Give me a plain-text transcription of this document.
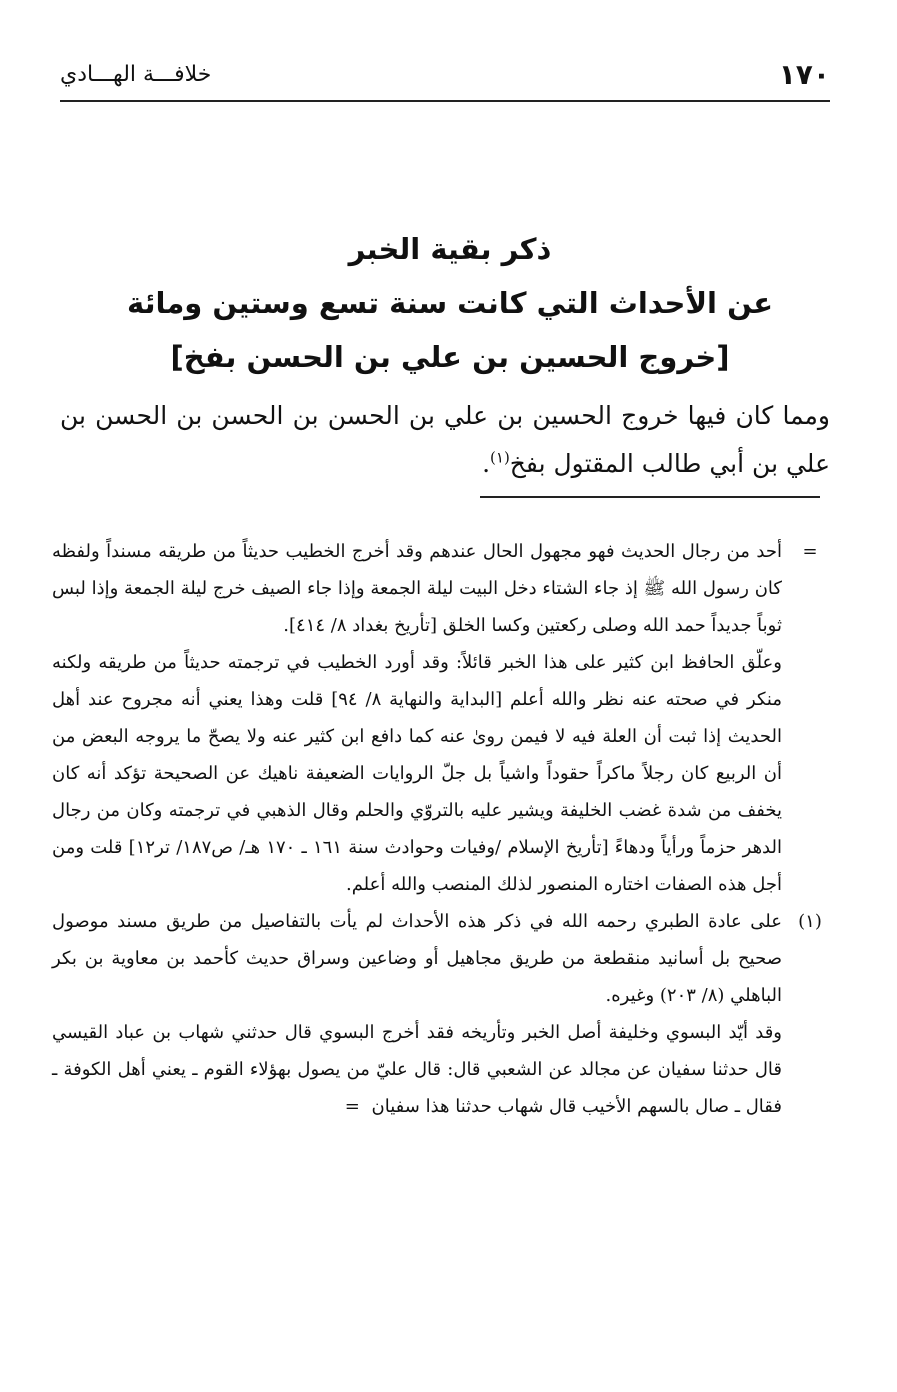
١٧٠
خلافـــة الهـــادي
ذكر بقية الخبر
عن الأحداث التي كانت سنة تسع وستين ومائة
[خروج الحسين بن علي بن الحسن بفخ]
ومما كان فيها خروج الحسين بن علي بن الحسن بن الحسن بن الحسن بن علي بن أبي طالب المقتول بفخ$^{(١)}$.
=
أحد من رجال الحديث فهو مجهول الحال عندهم وقد أخرج الخطيب حديثاً من طريقه مسنداً ولفظه كان رسول الله ﷺ إذ جاء الشتاء دخل البيت ليلة الجمعة وإذا جاء الصيف خرج ليلة الجمعة وإذا لبس ثوباً جديداً حمد الله وصلى ركعتين وكسا الخلق [تأريخ بغداد ٨/ ٤١٤].
وعلّق الحافظ ابن كثير على هذا الخبر قائلاً: وقد أورد الخطيب في ترجمته حديثاً من طريقه ولكنه منكر في صحته عنه نظر والله أعلم [البداية والنهاية ٨/ ٩٤] قلت وهذا يعني أنه مجروح عند أهل الحديث إذا ثبت أن العلة فيه لا فيمن روىٰ عنه كما دافع ابن كثير عنه ولا يصحّ ما يروجه البعض من أن الربيع كان رجلاً ماكراً حقوداً واشياً بل جلّ الروايات الضعيفة ناهيك عن الصحيحة تؤكد أنه كان يخفف من شدة غضب الخليفة ويشير عليه بالتروّي والحلم وقال الذهبي في ترجمته وكان من رجال الدهر حزماً ورأياً ودهاءً [تأريخ الإسلام /وفيات وحوادث سنة ١٦١ ـ ١٧٠ هـ/ ص١٨٧/ تر١٢] قلت ومن أجل هذه الصفات اختاره المنصور لذلك المنصب والله أعلم.
(١)
على عادة الطبري رحمه الله في ذكر هذه الأحداث لم يأت بالتفاصيل من طريق مسند موصول صحيح بل أسانيد منقطعة من طريق مجاهيل أو وضاعين وسراق حديث كأحمد بن معاوية بن بكر الباهلي (٨/ ٢٠٣) وغيره.
وقد أيّد البسوي وخليفة أصل الخبر وتأريخه فقد أخرج البسوي قال حدثني شهاب بن عباد القيسي قال حدثنا سفيان عن مجالد عن الشعبي قال: قال عليّ من يصول بهؤلاء القوم ـ يعني أهل الكوفة ـ فقال ـ صال بالسهم الأخيب قال شهاب حدثنا هذا سفيان =
